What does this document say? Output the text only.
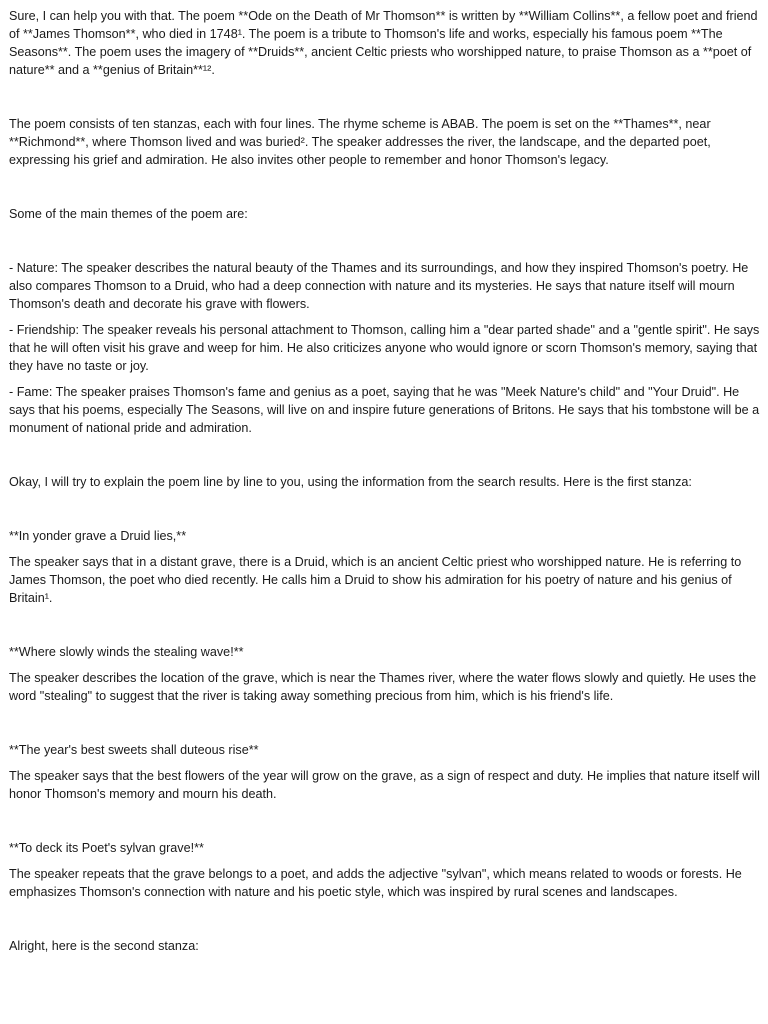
Sure, I can help you with that. The poem **Ode on the Death of Mr Thomson** is written by **William Collins**, a fellow poet and friend of **James Thomson**, who died in 1748¹. The poem is a tribute to Thomson's life and works, especially his famous poem **The Seasons**. The poem uses the imagery of **Druids**, ancient Celtic priests who worshipped nature, to praise Thomson as a **poet of nature** and a **genius of Britain**¹².

The poem consists of ten stanzas, each with four lines. The rhyme scheme is ABAB. The poem is set on the **Thames**, near **Richmond**, where Thomson lived and was buried². The speaker addresses the river, the landscape, and the departed poet, expressing his grief and admiration. He also invites other people to remember and honor Thomson's legacy.

Some of the main themes of the poem are:

- Nature: The speaker describes the natural beauty of the Thames and its surroundings, and how they inspired Thomson's poetry. He also compares Thomson to a Druid, who had a deep connection with nature and its mysteries. He says that nature itself will mourn Thomson's death and decorate his grave with flowers.

- Friendship: The speaker reveals his personal attachment to Thomson, calling him a "dear parted shade" and a "gentle spirit". He says that he will often visit his grave and weep for him. He also criticizes anyone who would ignore or scorn Thomson's memory, saying that they have no taste or joy.

- Fame: The speaker praises Thomson's fame and genius as a poet, saying that he was "Meek Nature's child" and "Your Druid". He says that his poems, especially The Seasons, will live on and inspire future generations of Britons. He says that his tombstone will be a monument of national pride and admiration.

Okay, I will try to explain the poem line by line to you, using the information from the search results. Here is the first stanza:

**In yonder grave a Druid lies,**

The speaker says that in a distant grave, there is a Druid, which is an ancient Celtic priest who worshipped nature. He is referring to James Thomson, the poet who died recently. He calls him a Druid to show his admiration for his poetry of nature and his genius of Britain¹.

**Where slowly winds the stealing wave!**

The speaker describes the location of the grave, which is near the Thames river, where the water flows slowly and quietly. He uses the word "stealing" to suggest that the river is taking away something precious from him, which is his friend's life.

**The year's best sweets shall duteous rise**

The speaker says that the best flowers of the year will grow on the grave, as a sign of respect and duty. He implies that nature itself will honor Thomson's memory and mourn his death.

**To deck its Poet's sylvan grave!**

The speaker repeats that the grave belongs to a poet, and adds the adjective "sylvan", which means related to woods or forests. He emphasizes Thomson's connection with nature and his poetic style, which was inspired by rural scenes and landscapes.

Alright, here is the second stanza:
